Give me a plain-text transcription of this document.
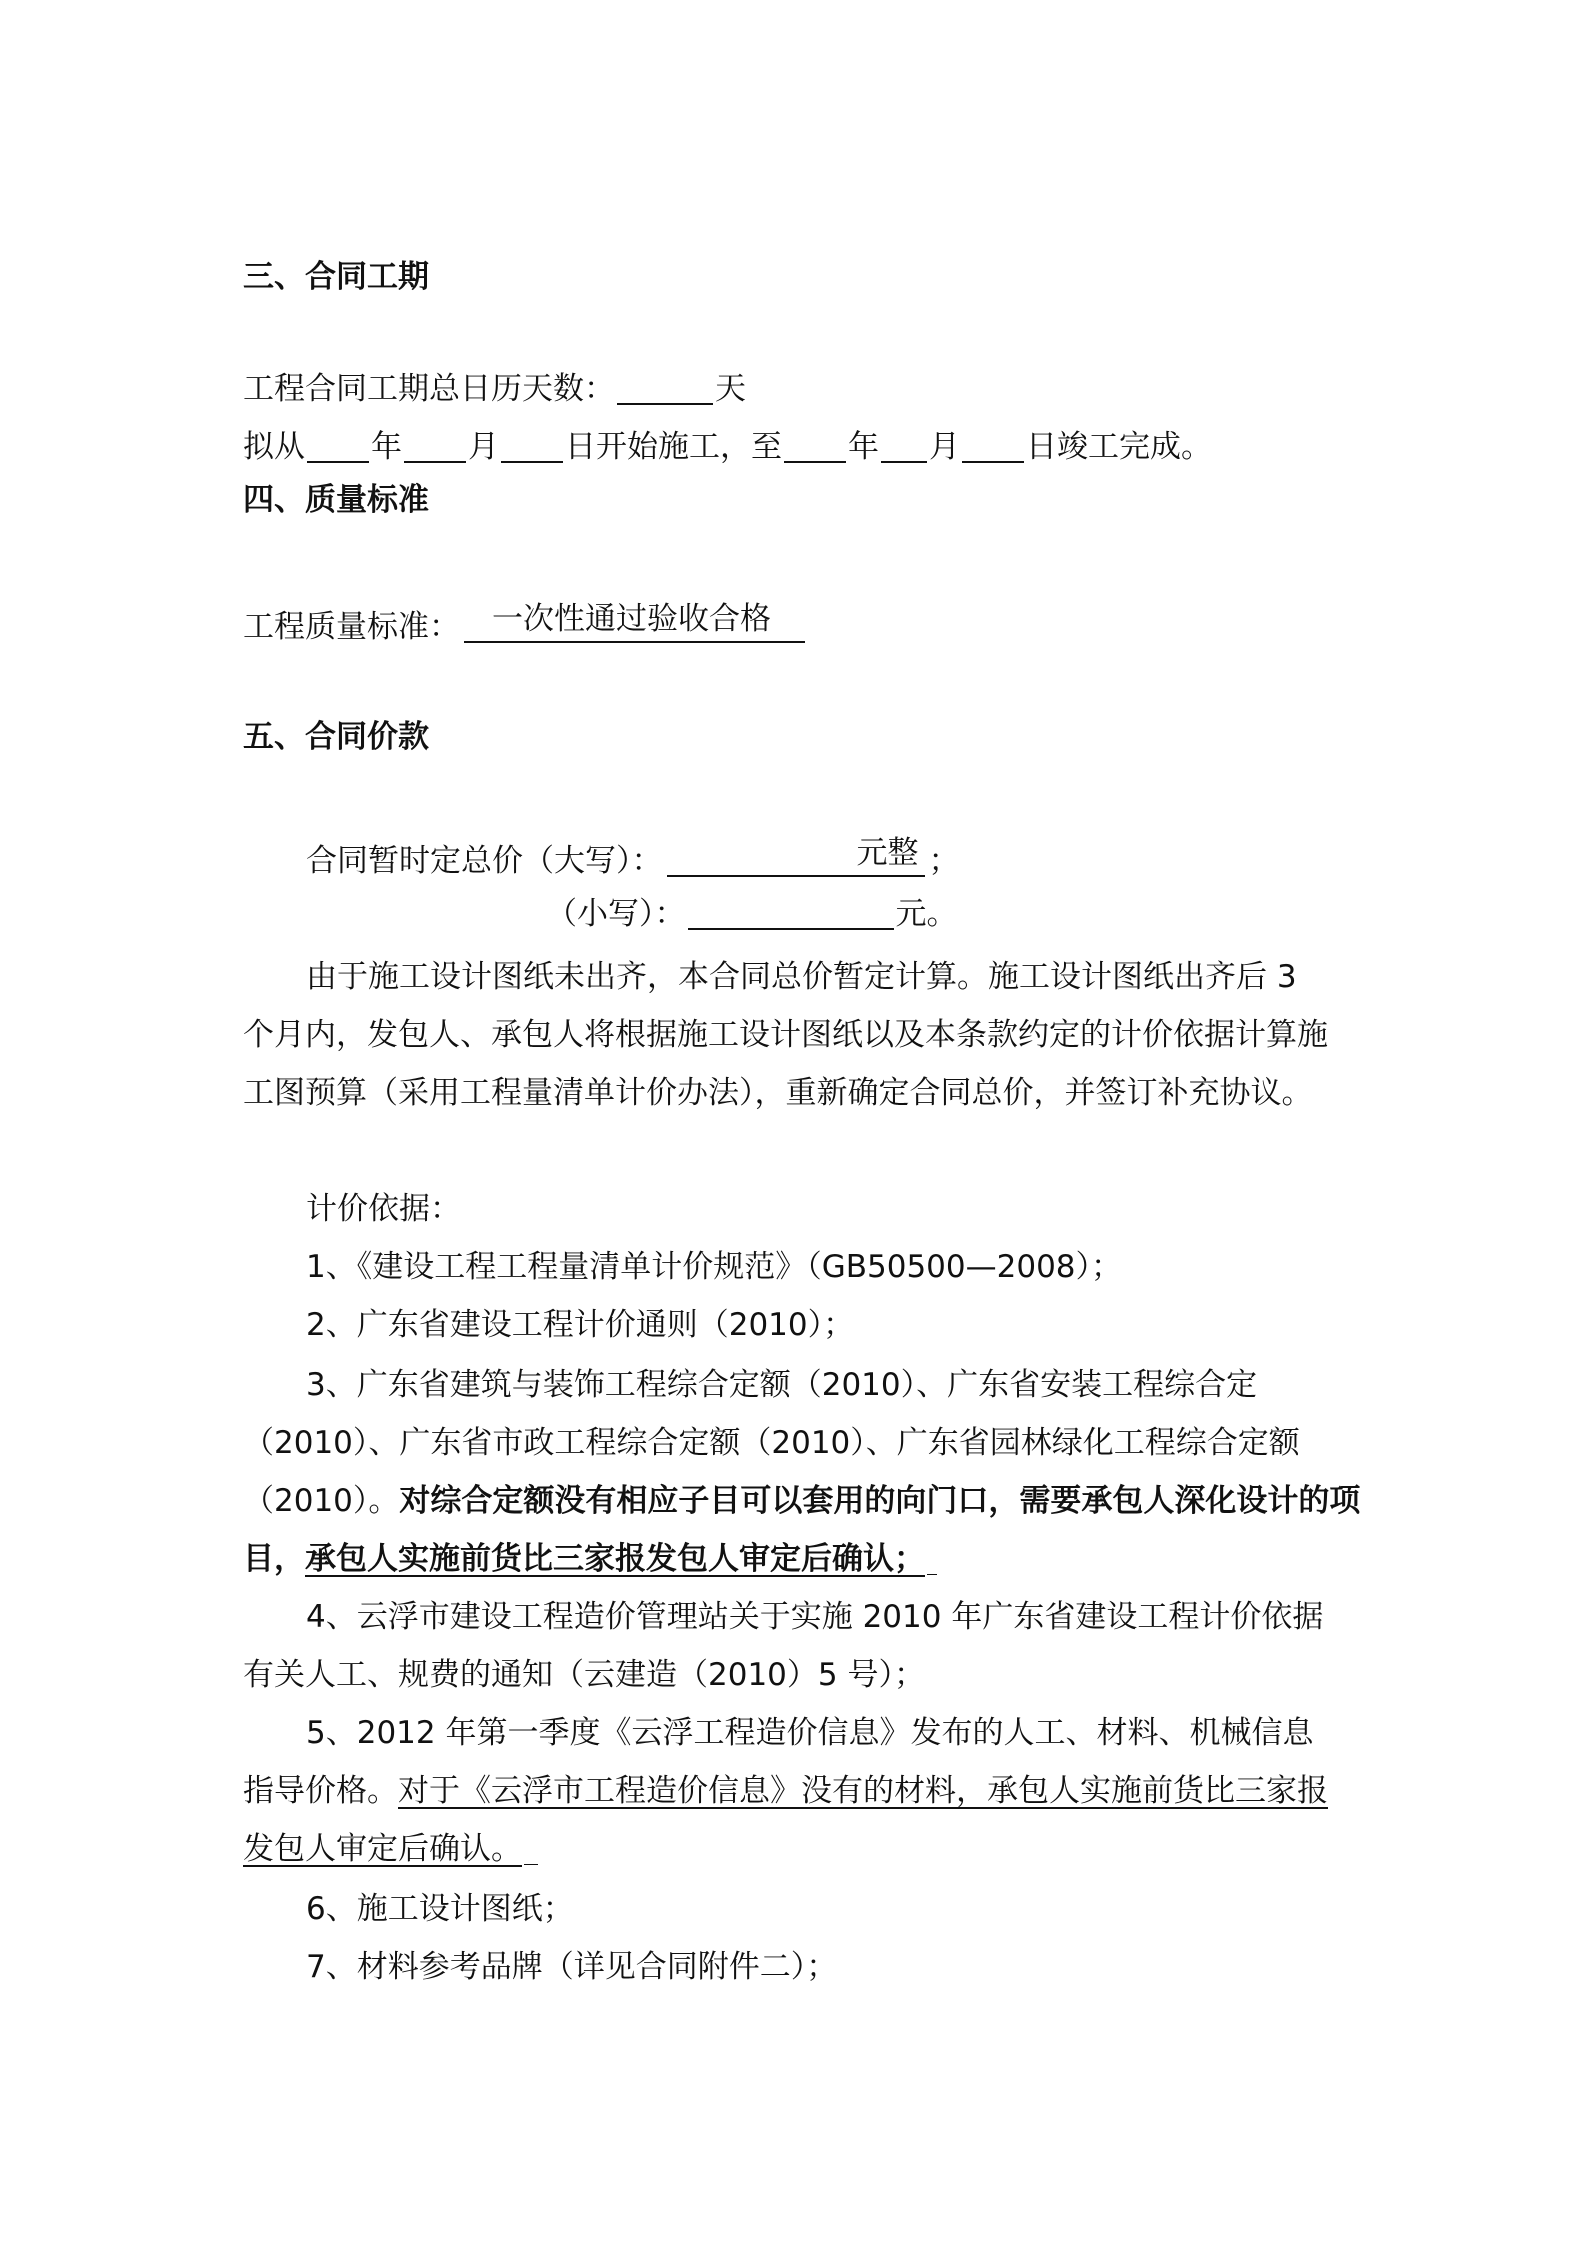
三、合同工期
工程合同工期总日历天数：	天
拟从 年 月 日开始施工，至 年 月 日竣工完成。
四、质量标准
工程质量标准： 一次性通过验收合格
五、合同价款
合同暂时定总价（大写）：	元整 ；
（小写）：	元。
由于施工设计图纸未出齐，本合同总价暂定计算。施工设计图纸出齐后 3
个月内，发包人、承包人将根据施工设计图纸以及本条款约定的计价依据计算施
工图预算（采用工程量清单计价办法），重新确定合同总价，并签订补充协议。
计价依据：
1、《建设工程工程量清单计价规范》（GB50500—2008）；
2、广东省建设工程计价通则（2010）；
3、广东省建筑与装饰工程综合定额（2010）、广东省安装工程综合定
（2010）、广东省市政工程综合定额（2010）、广东省园林绿化工程综合定额
（2010）。对综合定额没有相应子目可以套用的向门口，需要承包人深化设计的项
目，承包人实施前货比三家报发包人审定后确认；
4、云浮市建设工程造价管理站关于实施 2010 年广东省建设工程计价依据
有关人工、规费的通知（云建造（2010）5 号）；
5、2012 年第一季度《云浮工程造价信息》发布的人工、材料、机械信息
指导价格。对于《云浮市工程造价信息》没有的材料，承包人实施前货比三家报
发包人审定后确认。
6、施工设计图纸；
7、材料参考品牌（详见合同附件二）；
